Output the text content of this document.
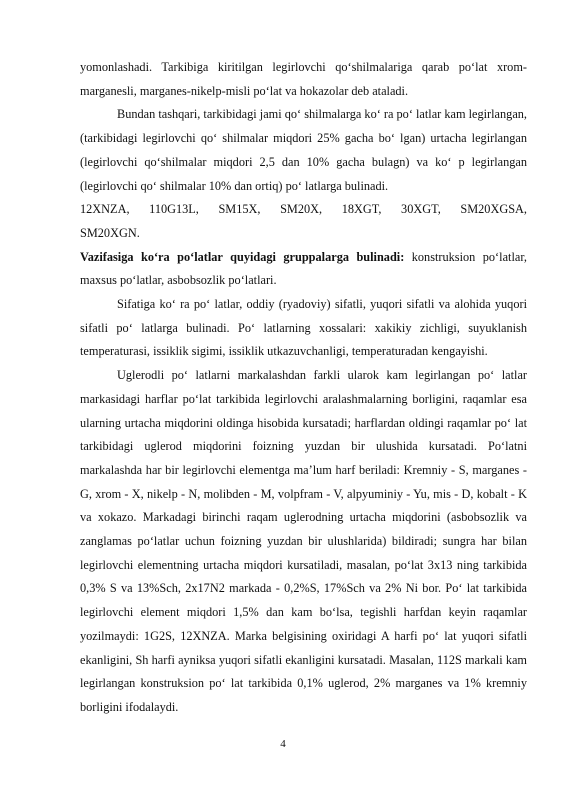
yomonlashadi. Tarkibiga kiritilgan legirlovchi qo‘shilmalariga qarab po‘lat xrom-marganesli, marganes-nikelp-misli po‘lat va hokazolar deb ataladi.

Bundan tashqari, tarkibidagi jami qo‘ shilmalarga ko‘ ra po‘ latlar kam legirlangan, (tarkibidagi legirlovchi qo‘ shilmalar miqdori 25% gacha bo‘ lgan) urtacha legirlangan (legirlovchi qo‘shilmalar miqdori 2,5 dan 10% gacha bulagn) va ko‘ p legirlangan (legirlovchi qo‘ shilmalar 10% dan ortiq) po‘ latlarga bulinadi.

12XNZA, 110G13L, SM15X, SM20X, 18XGT, 30XGT, SM20XGSA,

SM20XGN.

Vazifasiga ko‘ra po‘latlar quyidagi gruppalarga bulinadi: konstruksion po‘latlar, maxsus po‘latlar, asbobsozlik po‘latlari.

Sifatiga ko‘ ra po‘ latlar, oddiy (ryadoviy) sifatli, yuqori sifatli va alohida yuqori sifatli po‘ latlarga bulinadi. Po‘ latlarning xossalari: xakikiy zichligi, suyuklanish temperaturasi, issiklik sigimi, issiklik utkazuvchanligi, temperaturadan kengayishi.

Uglerodli po‘ latlarni markalashdan farkli ularok kam legirlangan po‘ latlar markasidagi harflar po‘lat tarkibida legirlovchi aralashmalarning borligini, raqamlar esa ularning urtacha miqdorini oldinga hisobida kursatadi; harflardan oldingi raqamlar po‘ lat tarkibidagi uglerod miqdorini foizning yuzdan bir ulushida kursatadi. Po‘latni markalashda har bir legirlovchi elementga ma’lum harf beriladi: Kremniy - S, marganes - G, xrom - X, nikelp - N, molibden - M, volpfram - V, alpyuminiy - Yu, mis - D, kobalt - K va xokazo. Markadagi birinchi raqam uglerodning urtacha miqdorini (asbobsozlik va zanglamas po‘latlar uchun foizning yuzdan bir ulushlarida) bildiradi; sungra har bilan legirlovchi elementning urtacha miqdori kursatiladi, masalan, po‘lat 3x13 ning tarkibida 0,3% S va 13%Sch, 2x17N2 markada - 0,2%S, 17%Sch va 2% Ni bor. Po‘ lat tarkibida legirlovchi element miqdori 1,5% dan kam bo‘lsa, tegishli harfdan keyin raqamlar yozilmaydi: 1G2S, 12XNZA. Marka belgisining oxiridagi A harfi po‘ lat yuqori sifatli ekanligini, Sh harfi ayniksa yuqori sifatli ekanligini kursatadi. Masalan, 112S markali kam legirlangan konstruksion po‘ lat tarkibida 0,1% uglerod, 2% marganes va 1% kremniy borligini ifodalaydi.

4
